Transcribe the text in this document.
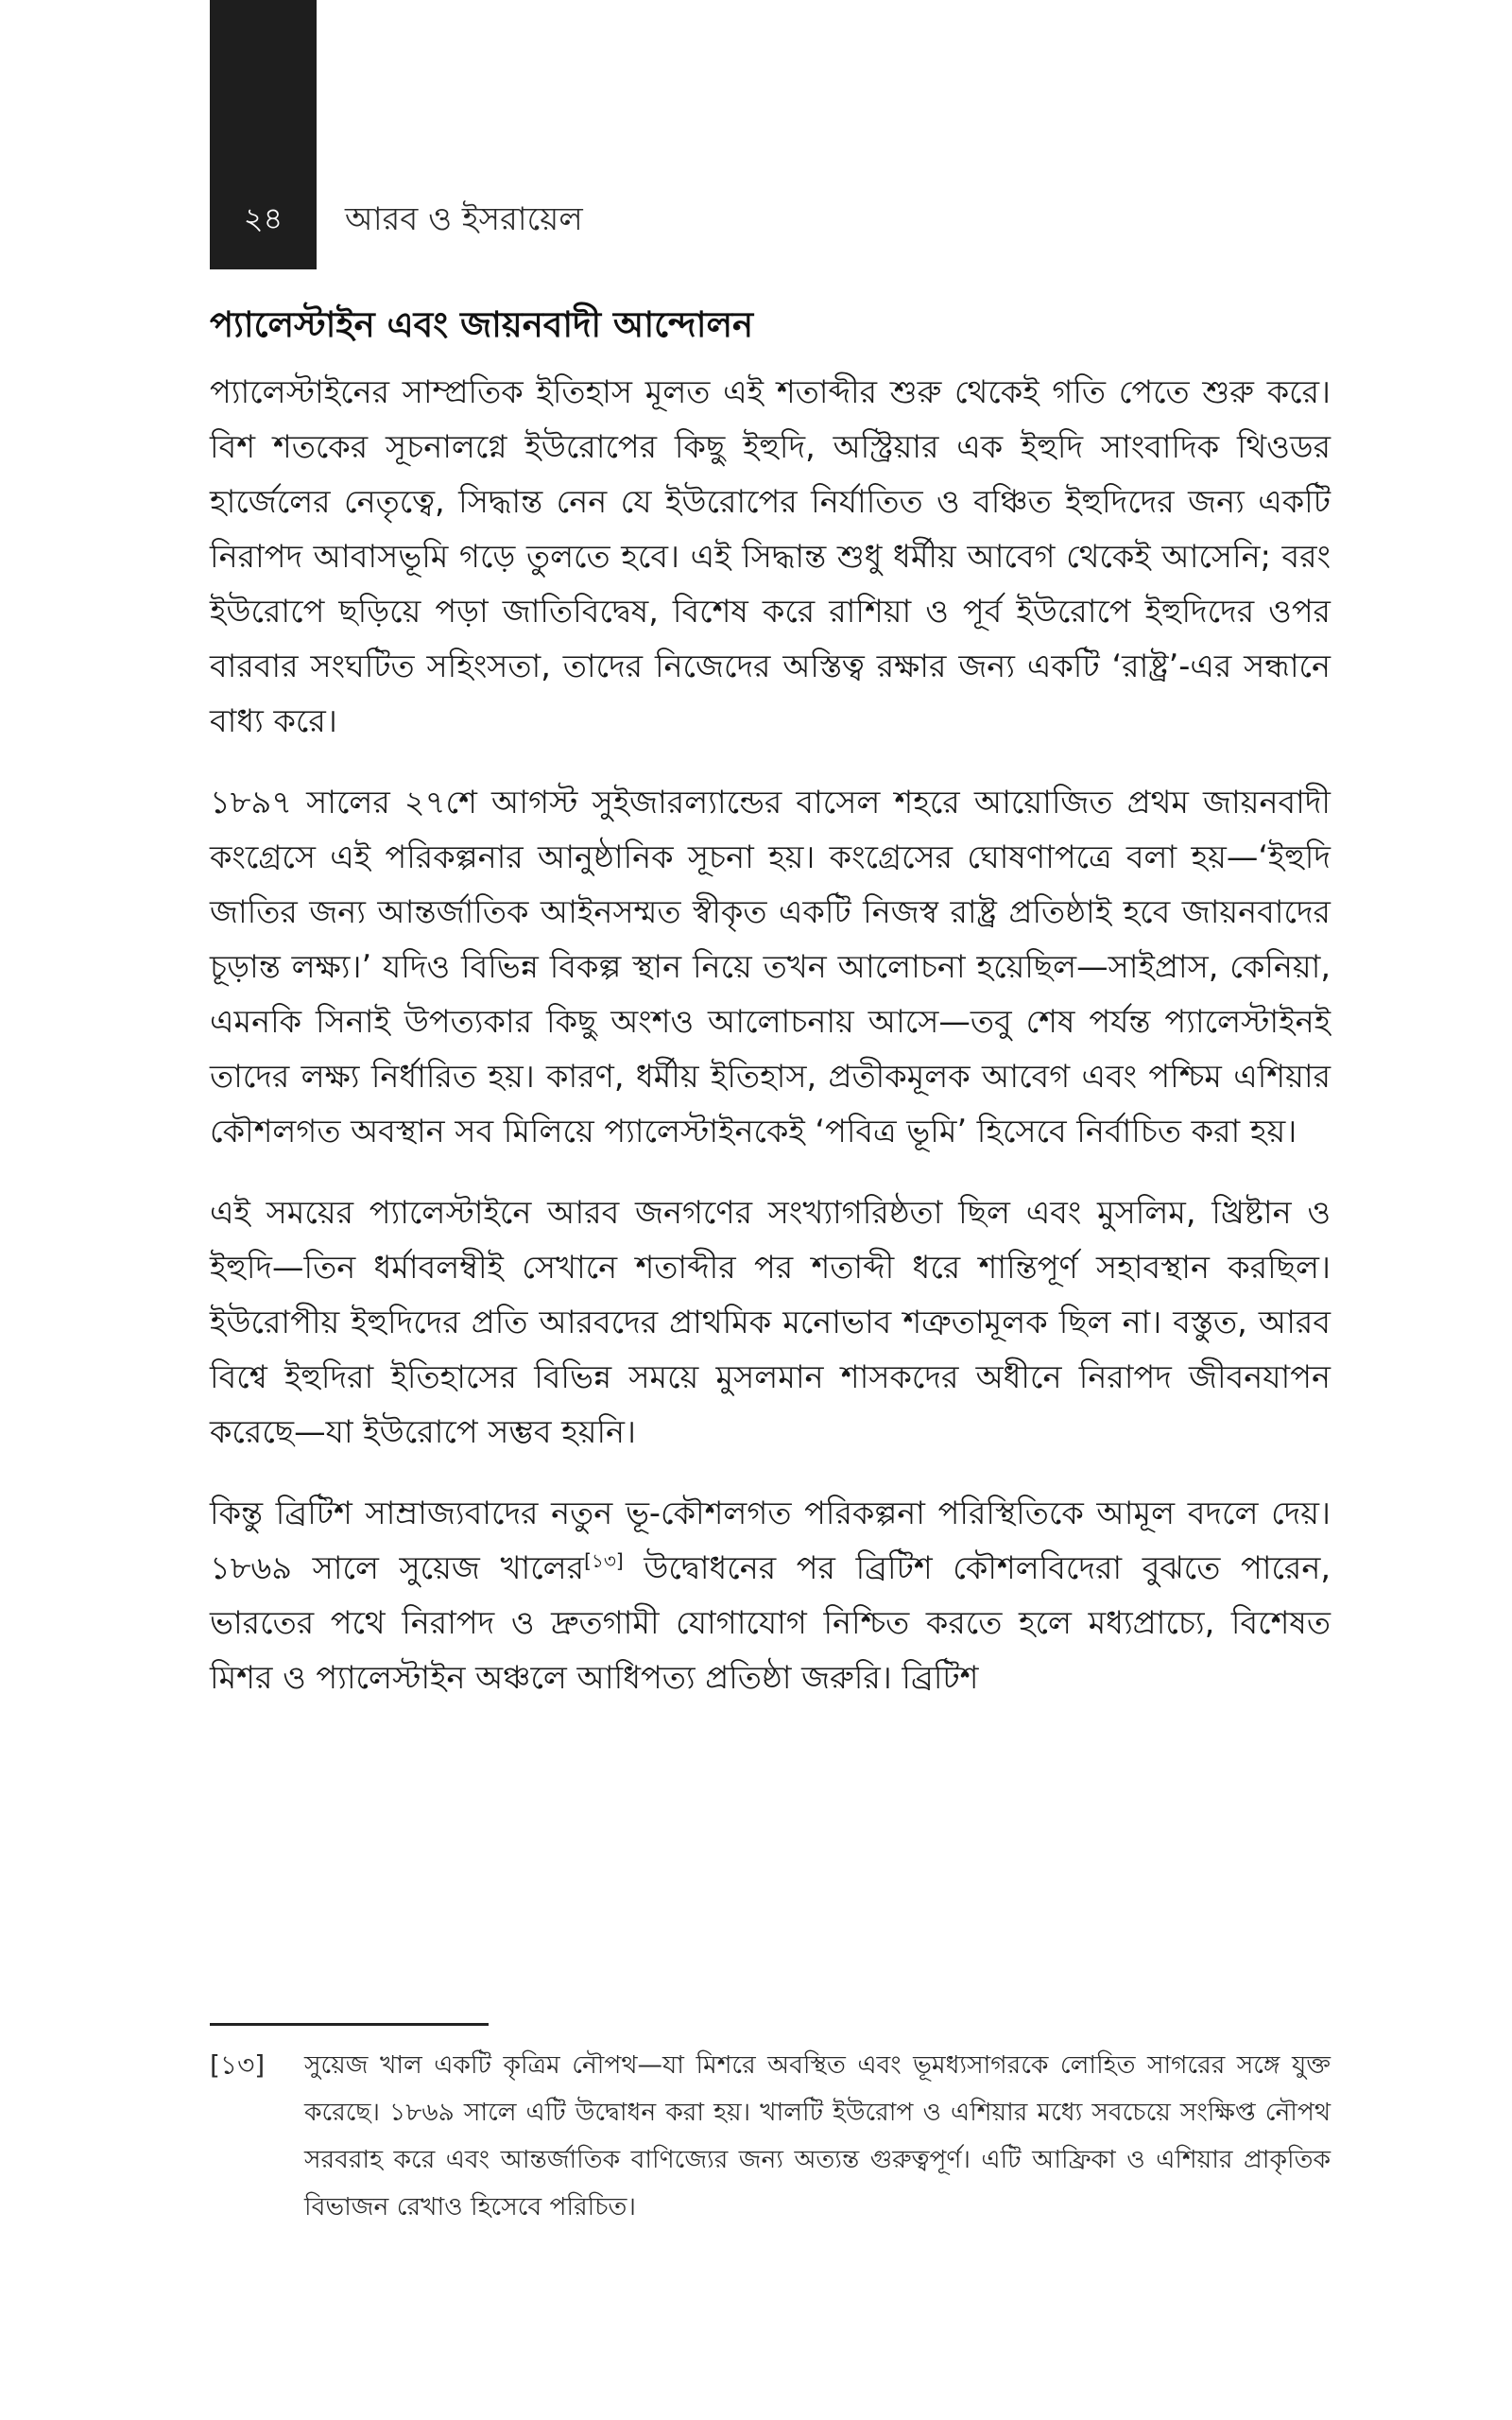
২৪	আরব ও ইসরায়েল
প্যালেস্টাইন এবং জায়নবাদী আন্দোলন

প্যালেস্টাইনের সাম্প্রতিক ইতিহাস মূলত এই শতাব্দীর শুরু থেকেই গতি পেতে শুরু করে। বিশ শতকের সূচনালগ্নে ইউরোপের কিছু ইহুদি, অস্ট্রিয়ার এক ইহুদি সাংবাদিক থিওডর হার্জেলের নেতৃত্বে, সিদ্ধান্ত নেন যে ইউরোপের নির্যাতিত ও বঞ্চিত ইহুদিদের জন্য একটি নিরাপদ আবাসভূমি গড়ে তুলতে হবে। এই সিদ্ধান্ত শুধু ধর্মীয় আবেগ থেকেই আসেনি; বরং ইউরোপে ছড়িয়ে পড়া জাতিবিদ্বেষ, বিশেষ করে রাশিয়া ও পূর্ব ইউরোপে ইহুদিদের ওপর বারবার সংঘটিত সহিংসতা, তাদের নিজেদের অস্তিত্ব রক্ষার জন্য একটি ‘রাষ্ট্র’-এর সন্ধানে বাধ্য করে।

১৮৯৭ সালের ২৭শে আগস্ট সুইজারল্যান্ডের বাসেল শহরে আয়োজিত প্রথম জায়নবাদী কংগ্রেসে এই পরিকল্পনার আনুষ্ঠানিক সূচনা হয়। কংগ্রেসের ঘোষণাপত্রে বলা হয়—‘ইহুদি জাতির জন্য আন্তর্জাতিক আইনসম্মত স্বীকৃত একটি নিজস্ব রাষ্ট্র প্রতিষ্ঠাই হবে জায়নবাদের চূড়ান্ত লক্ষ্য।’ যদিও বিভিন্ন বিকল্প স্থান নিয়ে তখন আলোচনা হয়েছিল—সাইপ্রাস, কেনিয়া, এমনকি সিনাই উপত্যকার কিছু অংশও আলোচনায় আসে—তবু শেষ পর্যন্ত প্যালেস্টাইনই তাদের লক্ষ্য নির্ধারিত হয়। কারণ, ধর্মীয় ইতিহাস, প্রতীকমূলক আবেগ এবং পশ্চিম এশিয়ার কৌশলগত অবস্থান সব মিলিয়ে প্যালেস্টাইনকেই ‘পবিত্র ভূমি’ হিসেবে নির্বাচিত করা হয়।

এই সময়ের প্যালেস্টাইনে আরব জনগণের সংখ্যাগরিষ্ঠতা ছিল এবং মুসলিম, খ্রিষ্টান ও ইহুদি—তিন ধর্মাবলম্বীই সেখানে শতাব্দীর পর শতাব্দী ধরে শান্তিপূর্ণ সহাবস্থান করছিল। ইউরোপীয় ইহুদিদের প্রতি আরবদের প্রাথমিক মনোভাব শত্রুতামূলক ছিল না। বস্তুত, আরব বিশ্বে ইহুদিরা ইতিহাসের বিভিন্ন সময়ে মুসলমান শাসকদের অধীনে নিরাপদ জীবনযাপন করেছে—যা ইউরোপে সম্ভব হয়নি।

কিন্তু ব্রিটিশ সাম্রাজ্যবাদের নতুন ভূ-কৌশলগত পরিকল্পনা পরিস্থিতিকে আমূল বদলে দেয়। ১৮৬৯ সালে সুয়েজ খালের[১৩] উদ্বোধনের পর ব্রিটিশ কৌশলবিদেরা বুঝতে পারেন, ভারতের পথে নিরাপদ ও দ্রুতগামী যোগাযোগ নিশ্চিত করতে হলে মধ্যপ্রাচ্যে, বিশেষত মিশর ও প্যালেস্টাইন অঞ্চলে আধিপত্য প্রতিষ্ঠা জরুরি। ব্রিটিশ

[১৩]	সুয়েজ খাল একটি কৃত্রিম নৌপথ—যা মিশরে অবস্থিত এবং ভূমধ্যসাগরকে লোহিত সাগরের সঙ্গে যুক্ত করেছে। ১৮৬৯ সালে এটি উদ্বোধন করা হয়। খালটি ইউরোপ ও এশিয়ার মধ্যে সবচেয়ে সংক্ষিপ্ত নৌপথ সরবরাহ করে এবং আন্তর্জাতিক বাণিজ্যের জন্য অত্যন্ত গুরুত্বপূর্ণ। এটি আফ্রিকা ও এশিয়ার প্রাকৃতিক বিভাজন রেখাও হিসেবে পরিচিত।
